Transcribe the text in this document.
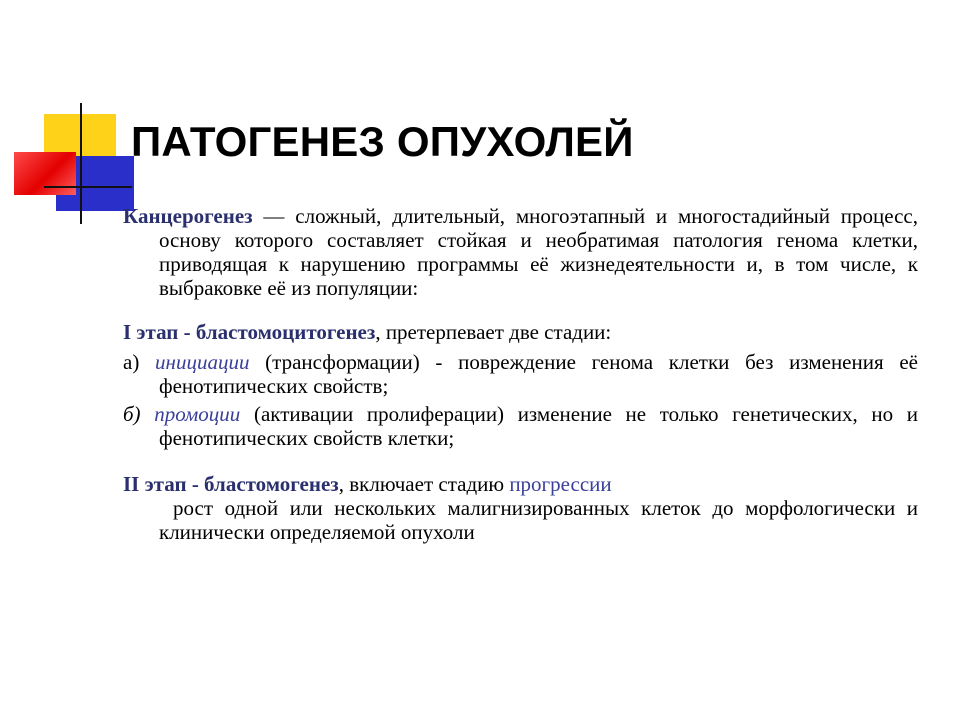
ПАТОГЕНЕЗ ОПУХОЛЕЙ

Канцерогенез — сложный, длительный, многоэтапный и многостадийный процесс, основу которого составляет стойкая и необратимая патология генома клетки, приводящая к нарушению программы её жизнедеятельности и, в том числе, к выбраковке её из популяции:

I этап - бластомоцитогенез, претерпевает две стадии:

а) инициации (трансформации) - повреждение генома клетки без изменения её фенотипических свойств;

б) промоции (активации пролиферации) изменение не только генетических, но и фенотипических свойств клетки;

II этап - бластомогенез, включает стадию прогрессии

рост одной или нескольких малигнизированных клеток до морфологически и клинически определяемой опухоли
